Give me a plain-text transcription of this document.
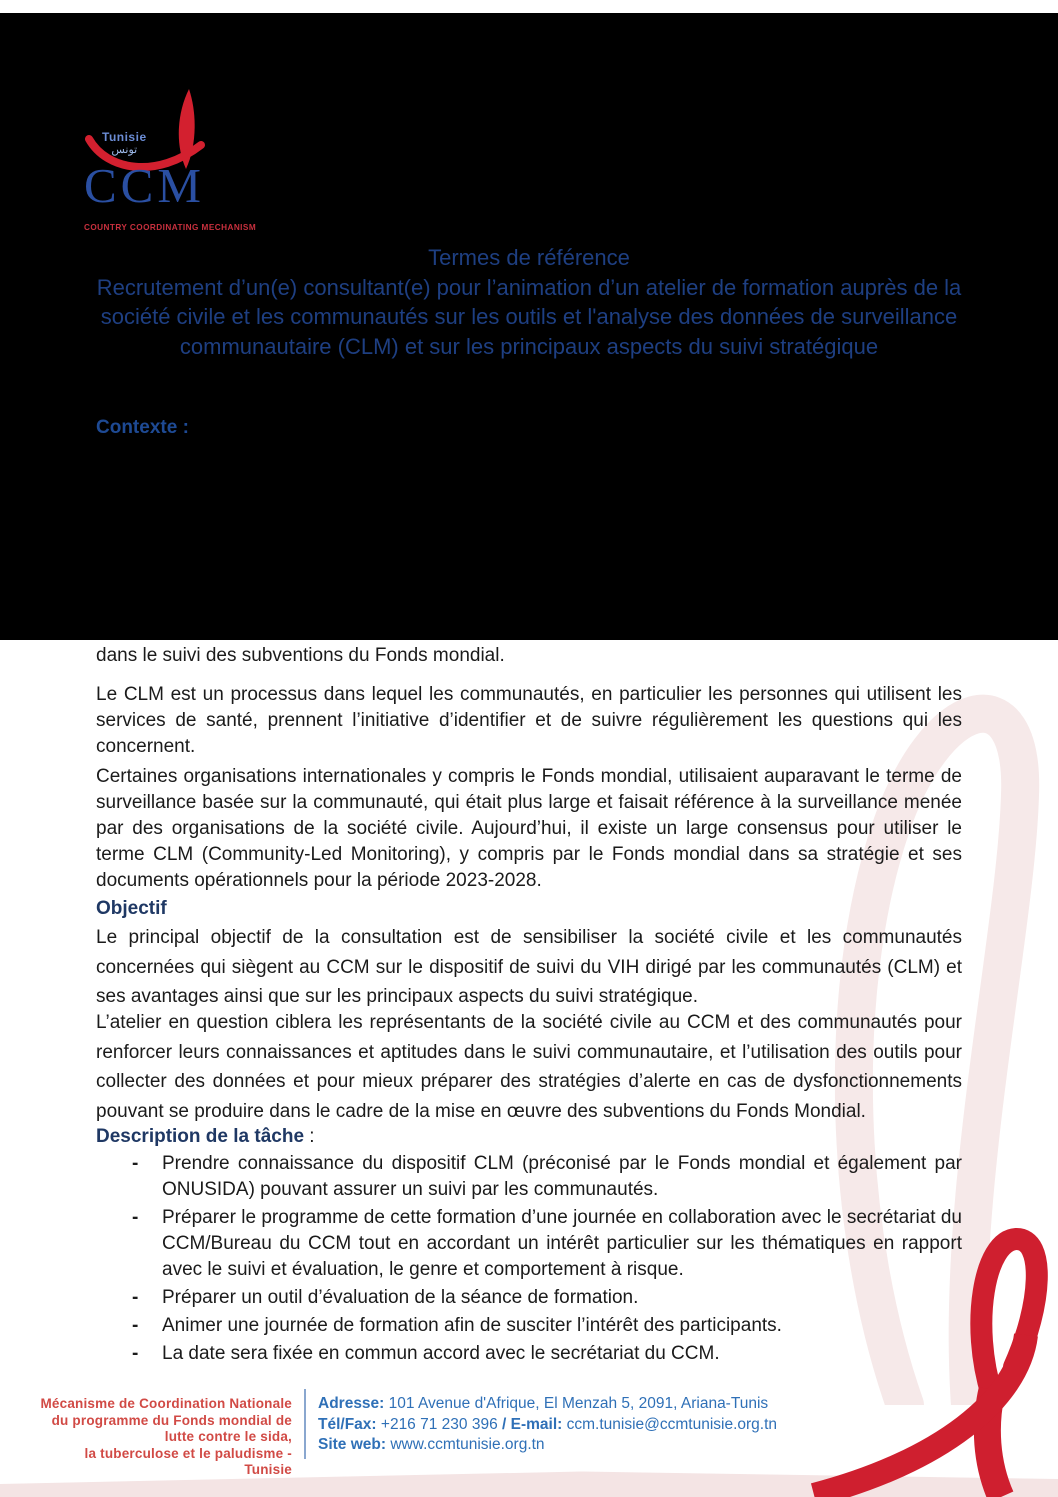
Tunisie
تونس
CCM
COUNTRY COORDINATING MECHANISM
Termes de référence
Recrutement d’un(e) consultant(e) pour l’animation d’un atelier de formation auprès de la société civile et les communautés sur les outils et l'analyse des données de surveillance communautaire (CLM) et sur les principaux aspects du suivi stratégique
Contexte :
dans le suivi des subventions du Fonds mondial.
Le CLM est un processus dans lequel les communautés, en particulier les personnes qui utilisent les services de santé, prennent l’initiative d’identifier et de suivre régulièrement les questions qui les concernent.
Certaines organisations internationales y compris le Fonds mondial, utilisaient auparavant le terme de surveillance basée sur la communauté, qui était plus large et faisait référence à la surveillance menée par des organisations de la société civile. Aujourd’hui, il existe un large consensus pour utiliser le terme CLM (Community-Led Monitoring), y compris par le Fonds mondial dans sa stratégie et ses documents opérationnels pour la période 2023-2028.
Objectif
Le principal objectif de la consultation est de sensibiliser la société civile et les communautés concernées qui siègent au CCM sur le dispositif de suivi du VIH dirigé par les communautés (CLM) et ses avantages ainsi que sur les principaux aspects du suivi stratégique.
L’atelier en question ciblera les représentants de la société civile au CCM et des communautés pour renforcer leurs connaissances et aptitudes dans le suivi communautaire, et l’utilisation des outils pour collecter des données et pour mieux préparer des stratégies d’alerte en cas de dysfonctionnements pouvant se produire dans le cadre de la mise en œuvre des subventions du Fonds Mondial.
Description de la tâche :
- Prendre connaissance du dispositif CLM (préconisé par le Fonds mondial et également par ONUSIDA) pouvant assurer un suivi par les communautés.
- Préparer le programme de cette formation d’une journée en collaboration avec le secrétariat du CCM/Bureau du CCM tout en accordant un intérêt particulier sur les thématiques en rapport avec le suivi et évaluation, le genre et comportement à risque.
- Préparer un outil d’évaluation de la séance de formation.
- Animer une journée de formation afin de susciter l’intérêt des participants.
- La date sera fixée en commun accord avec le secrétariat du CCM.
Mécanisme de Coordination Nationale
du programme du Fonds mondial de
lutte contre le sida,
la tuberculose et le paludisme - Tunisie
Adresse: 101 Avenue d'Afrique, El Menzah 5, 2091, Ariana-Tunis
Tél/Fax: +216 71 230 396 / E-mail: ccm.tunisie@ccmtunisie.org.tn
Site web: www.ccmtunisie.org.tn
